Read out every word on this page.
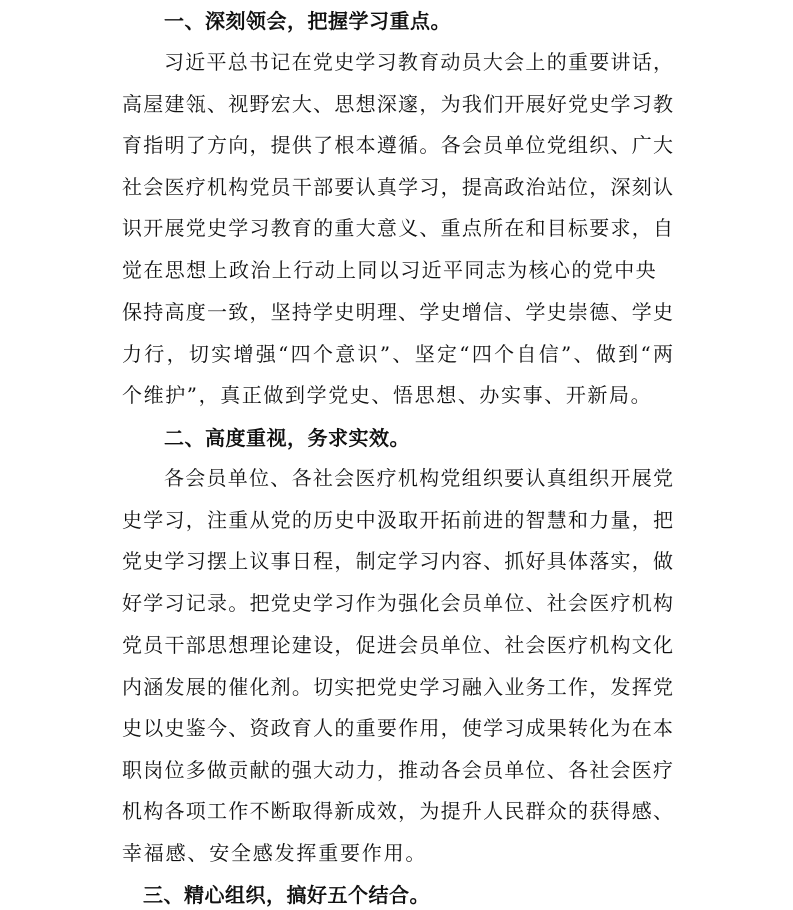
一、深刻领会，把握学习重点。
习近平总书记在党史学习教育动员大会上的重要讲话，
高屋建瓴、视野宏大、思想深邃，为我们开展好党史学习教
育指明了方向，提供了根本遵循。各会员单位党组织、广大
社会医疗机构党员干部要认真学习，提高政治站位，深刻认
识开展党史学习教育的重大意义、重点所在和目标要求，自
觉在思想上政治上行动上同以习近平同志为核心的党中央
保持高度一致，坚持学史明理、学史增信、学史崇德、学史
力行，切实增强“四个意识”、坚定“四个自信”、做到“两
个维护”，真正做到学党史、悟思想、办实事、开新局。
二、高度重视，务求实效。
各会员单位、各社会医疗机构党组织要认真组织开展党
史学习，注重从党的历史中汲取开拓前进的智慧和力量，把
党史学习摆上议事日程，制定学习内容、抓好具体落实，做
好学习记录。把党史学习作为强化会员单位、社会医疗机构
党员干部思想理论建设，促进会员单位、社会医疗机构文化
内涵发展的催化剂。切实把党史学习融入业务工作，发挥党
史以史鉴今、资政育人的重要作用，使学习成果转化为在本
职岗位多做贡献的强大动力，推动各会员单位、各社会医疗
机构各项工作不断取得新成效，为提升人民群众的获得感、
幸福感、安全感发挥重要作用。
三、精心组织，搞好五个结合。
